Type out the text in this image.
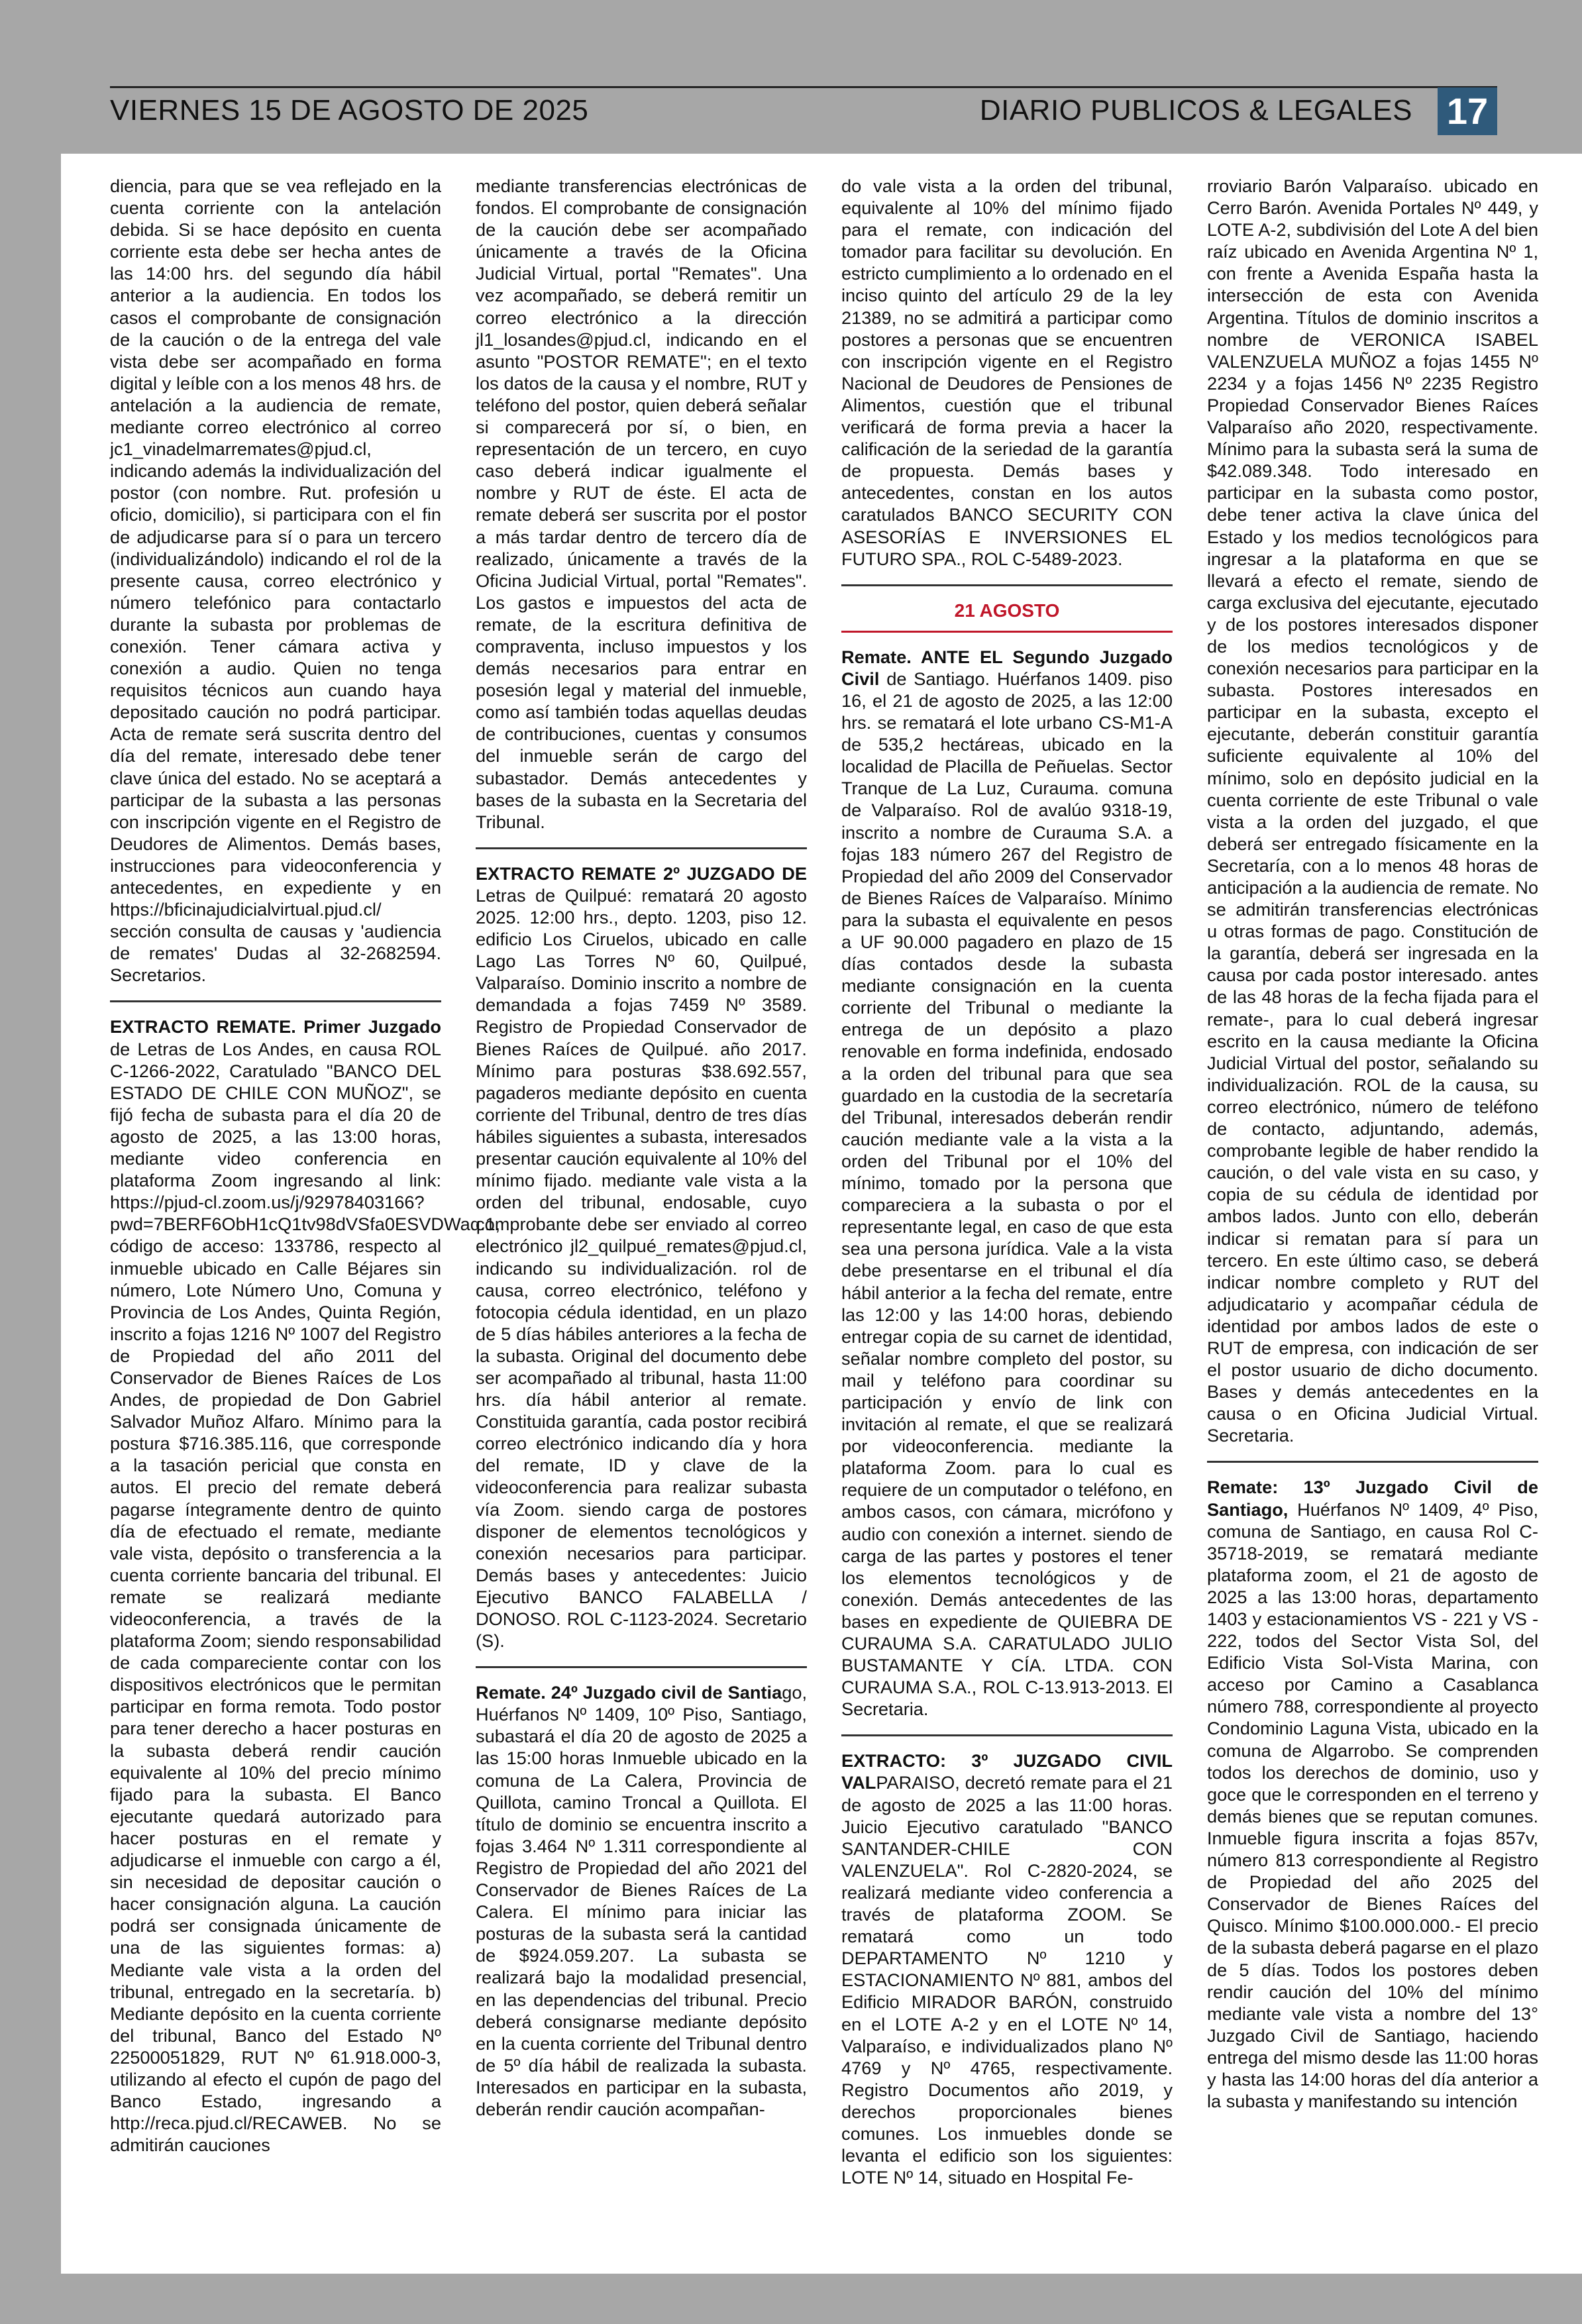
VIERNES 15 DE AGOSTO DE 2025	DIARIO PUBLICOS & LEGALES 17

diencia, para que se vea reflejado en la cuenta corriente con la antelación debida. Si se hace depósito en cuenta corriente esta debe ser hecha antes de las 14:00 hrs. del segundo día hábil anterior a la audiencia. En todos los casos el comprobante de consignación de la caución o de la entrega del vale vista debe ser acompañado en forma digital y leíble con a los menos 48 hrs. de antelación a la audiencia de remate, mediante correo electrónico al correo jc1_vinadelmarremates@pjud.cl, indicando además la individualización del postor (con nombre. Rut. profesión u oficio, domicilio), si participara con el fin de adjudicarse para sí o para un tercero (individualizándolo) indicando el rol de la presente causa, correo electrónico y número telefónico para contactarlo durante la subasta por problemas de conexión. Tener cámara activa y conexión a audio. Quien no tenga requisitos técnicos aun cuando haya depositado caución no podrá participar. Acta de remate será suscrita dentro del día del remate, interesado debe tener clave única del estado. No se aceptará a participar de la subasta a las personas con inscripción vigente en el Registro de Deudores de Alimentos. Demás bases, instrucciones para videoconferencia y antecedentes, en expediente y en https://bficinajudicialvirtual.pjud.cl/ sección consulta de causas y 'audiencia de remates' Dudas al 32-2682594. Secretarios.

EXTRACTO REMATE. Primer Juzgado de Letras de Los Andes, en causa ROL C-1266-2022, Caratulado "BANCO DEL ESTADO DE CHILE CON MUÑOZ", se fijó fecha de subasta para el día 20 de agosto de 2025, a las 13:00 horas, mediante video conferencia en plataforma Zoom ingresando al link: https://pjud-cl.zoom.us/j/92978403166?pwd=7BERF6ObH1cQ1tv98dVSfa0ESVDWaq.1, código de acceso: 133786, respecto al inmueble ubicado en Calle Béjares sin número, Lote Número Uno, Comuna y Provincia de Los Andes, Quinta Región, inscrito a fojas 1216 Nº 1007 del Registro de Propiedad del año 2011 del Conservador de Bienes Raíces de Los Andes, de propiedad de Don Gabriel Salvador Muñoz Alfaro. Mínimo para la postura $716.385.116, que corresponde a la tasación pericial que consta en autos. El precio del remate deberá pagarse íntegramente dentro de quinto día de efectuado el remate, mediante vale vista, depósito o transferencia a la cuenta corriente bancaria del tribunal. El remate se realizará mediante videoconferencia, a través de la plataforma Zoom; siendo responsabilidad de cada compareciente contar con los dispositivos electrónicos que le permitan participar en forma remota. Todo postor para tener derecho a hacer posturas en la subasta deberá rendir caución equivalente al 10% del precio mínimo fijado para la subasta. El Banco ejecutante quedará autorizado para hacer posturas en el remate y adjudicarse el inmueble con cargo a él, sin necesidad de depositar caución o hacer consignación alguna. La caución podrá ser consignada únicamente de una de las siguientes formas: a) Mediante vale vista a la orden del tribunal, entregado en la secretaría. b) Mediante depósito en la cuenta corriente del tribunal, Banco del Estado Nº 22500051829, RUT Nº 61.918.000-3, utilizando al efecto el cupón de pago del Banco Estado, ingresando a http://reca.pjud.cl/RECAWEB. No se admitirán cauciones

mediante transferencias electrónicas de fondos. El comprobante de consignación de la caución debe ser acompañado únicamente a través de la Oficina Judicial Virtual, portal "Remates". Una vez acompañado, se deberá remitir un correo electrónico a la dirección jl1_losandes@pjud.cl, indicando en el asunto "POSTOR REMATE"; en el texto los datos de la causa y el nombre, RUT y teléfono del postor, quien deberá señalar si comparecerá por sí, o bien, en representación de un tercero, en cuyo caso deberá indicar igualmente el nombre y RUT de éste. El acta de remate deberá ser suscrita por el postor a más tardar dentro de tercero día de realizado, únicamente a través de la Oficina Judicial Virtual, portal "Remates". Los gastos e impuestos del acta de remate, de la escritura definitiva de compraventa, incluso impuestos y los demás necesarios para entrar en posesión legal y material del inmueble, como así también todas aquellas deudas de contribuciones, cuentas y consumos del inmueble serán de cargo del subastador. Demás antecedentes y bases de la subasta en la Secretaria del Tribunal.

EXTRACTO REMATE 2º JUZGADO DE Letras de Quilpué: rematará 20 agosto 2025. 12:00 hrs., depto. 1203, piso 12. edificio Los Ciruelos, ubicado en calle Lago Las Torres Nº 60, Quilpué, Valparaíso. Dominio inscrito a nombre de demandada a fojas 7459 Nº 3589. Registro de Propiedad Conservador de Bienes Raíces de Quilpué. año 2017. Mínimo para posturas $38.692.557, pagaderos mediante depósito en cuenta corriente del Tribunal, dentro de tres días hábiles siguientes a subasta, interesados presentar caución equivalente al 10% del mínimo fijado. mediante vale vista a la orden del tribunal, endosable, cuyo comprobante debe ser enviado al correo electrónico jl2_quilpué_remates@pjud.cl, indicando su individualización. rol de causa, correo electrónico, teléfono y fotocopia cédula identidad, en un plazo de 5 días hábiles anteriores a la fecha de la subasta. Original del documento debe ser acompañado al tribunal, hasta 11:00 hrs. día hábil anterior al remate. Constituida garantía, cada postor recibirá correo electrónico indicando día y hora del remate, ID y clave de la videoconferencia para realizar subasta vía Zoom. siendo carga de postores disponer de elementos tecnológicos y conexión necesarios para participar. Demás bases y antecedentes: Juicio Ejecutivo BANCO FALABELLA / DONOSO. ROL C-1123-2024. Secretario (S).

Remate. 24º Juzgado civil de Santiago, Huérfanos Nº 1409, 10º Piso, Santiago, subastará el día 20 de agosto de 2025 a las 15:00 horas Inmueble ubicado en la comuna de La Calera, Provincia de Quillota, camino Troncal a Quillota. El título de dominio se encuentra inscrito a fojas 3.464 Nº 1.311 correspondiente al Registro de Propiedad del año 2021 del Conservador de Bienes Raíces de La Calera. El mínimo para iniciar las posturas de la subasta será la cantidad de $924.059.207. La subasta se realizará bajo la modalidad presencial, en las dependencias del tribunal. Precio deberá consignarse mediante depósito en la cuenta corriente del Tribunal dentro de 5º día hábil de realizada la subasta. Interesados en participar en la subasta, deberán rendir caución acompañan-

do vale vista a la orden del tribunal, equivalente al 10% del mínimo fijado para el remate, con indicación del tomador para facilitar su devolución. En estricto cumplimiento a lo ordenado en el inciso quinto del artículo 29 de la ley 21389, no se admitirá a participar como postores a personas que se encuentren con inscripción vigente en el Registro Nacional de Deudores de Pensiones de Alimentos, cuestión que el tribunal verificará de forma previa a hacer la calificación de la seriedad de la garantía de propuesta. Demás bases y antecedentes, constan en los autos caratulados BANCO SECURITY CON ASESORÍAS E INVERSIONES EL FUTURO SPA., ROL C-5489-2023.

21 AGOSTO

Remate. ANTE EL Segundo Juzgado Civil de Santiago. Huérfanos 1409. piso 16, el 21 de agosto de 2025, a las 12:00 hrs. se rematará el lote urbano CS-M1-A de 535,2 hectáreas, ubicado en la localidad de Placilla de Peñuelas. Sector Tranque de La Luz, Curauma. comuna de Valparaíso. Rol de avalúo 9318-19, inscrito a nombre de Curauma S.A. a fojas 183 número 267 del Registro de Propiedad del año 2009 del Conservador de Bienes Raíces de Valparaíso. Mínimo para la subasta el equivalente en pesos a UF 90.000 pagadero en plazo de 15 días contados desde la subasta mediante consignación en la cuenta corriente del Tribunal o mediante la entrega de un depósito a plazo renovable en forma indefinida, endosado a la orden del tribunal para que sea guardado en la custodia de la secretaría del Tribunal, interesados deberán rendir caución mediante vale a la vista a la orden del Tribunal por el 10% del mínimo, tomado por la persona que compareciera a la subasta o por el representante legal, en caso de que esta sea una persona jurídica. Vale a la vista debe presentarse en el tribunal el día hábil anterior a la fecha del remate, entre las 12:00 y las 14:00 horas, debiendo entregar copia de su carnet de identidad, señalar nombre completo del postor, su mail y teléfono para coordinar su participación y envío de link con invitación al remate, el que se realizará por videoconferencia. mediante la plataforma Zoom. para lo cual es requiere de un computador o teléfono, en ambos casos, con cámara, micrófono y audio con conexión a internet. siendo de carga de las partes y postores el tener los elementos tecnológicos y de conexión. Demás antecedentes de las bases en expediente de QUIEBRA DE CURAUMA S.A. CARATULADO JULIO BUSTAMANTE Y CÍA. LTDA. CON CURAUMA S.A., ROL C-13.913-2013. El Secretaria.

EXTRACTO: 3º JUZGADO CIVIL VALPARAISO, decretó remate para el 21 de agosto de 2025 a las 11:00 horas. Juicio Ejecutivo caratulado "BANCO SANTANDER-CHILE CON VALENZUELA". Rol C-2820-2024, se realizará mediante video conferencia a través de plataforma ZOOM. Se rematará como un todo DEPARTAMENTO Nº 1210 y ESTACIONAMIENTO Nº 881, ambos del Edificio MIRADOR BARÓN, construido en el LOTE A-2 y en el LOTE Nº 14, Valparaíso, e individualizados plano Nº 4769 y Nº 4765, respectivamente. Registro Documentos año 2019, y derechos proporcionales bienes comunes. Los inmuebles donde se levanta el edificio son los siguientes: LOTE Nº 14, situado en Hospital Fe-

rroviario Barón Valparaíso. ubicado en Cerro Barón. Avenida Portales Nº 449, y LOTE A-2, subdivisión del Lote A del bien raíz ubicado en Avenida Argentina Nº 1, con frente a Avenida España hasta la intersección de esta con Avenida Argentina. Títulos de dominio inscritos a nombre de VERONICA ISABEL VALENZUELA MUÑOZ a fojas 1455 Nº 2234 y a fojas 1456 Nº 2235 Registro Propiedad Conservador Bienes Raíces Valparaíso año 2020, respectivamente. Mínimo para la subasta será la suma de $42.089.348. Todo interesado en participar en la subasta como postor, debe tener activa la clave única del Estado y los medios tecnológicos para ingresar a la plataforma en que se llevará a efecto el remate, siendo de carga exclusiva del ejecutante, ejecutado y de los postores interesados disponer de los medios tecnológicos y de conexión necesarios para participar en la subasta. Postores interesados en participar en la subasta, excepto el ejecutante, deberán constituir garantía suficiente equivalente al 10% del mínimo, solo en depósito judicial en la cuenta corriente de este Tribunal o vale vista a la orden del juzgado, el que deberá ser entregado físicamente en la Secretaría, con a lo menos 48 horas de anticipación a la audiencia de remate. No se admitirán transferencias electrónicas u otras formas de pago. Constitución de la garantía, deberá ser ingresada en la causa por cada postor interesado. antes de las 48 horas de la fecha fijada para el remate-, para lo cual deberá ingresar escrito en la causa mediante la Oficina Judicial Virtual del postor, señalando su individualización. ROL de la causa, su correo electrónico, número de teléfono de contacto, adjuntando, además, comprobante legible de haber rendido la caución, o del vale vista en su caso, y copia de su cédula de identidad por ambos lados. Junto con ello, deberán indicar si rematan para sí para un tercero. En este último caso, se deberá indicar nombre completo y RUT del adjudicatario y acompañar cédula de identidad por ambos lados de este o RUT de empresa, con indicación de ser el postor usuario de dicho documento. Bases y demás antecedentes en la causa o en Oficina Judicial Virtual. Secretaria.

Remate: 13º Juzgado Civil de Santiago, Huérfanos Nº 1409, 4º Piso, comuna de Santiago, en causa Rol C-35718-2019, se rematará mediante plataforma zoom, el 21 de agosto de 2025 a las 13:00 horas, departamento 1403 y estacionamientos VS - 221 y VS - 222, todos del Sector Vista Sol, del Edificio Vista Sol-Vista Marina, con acceso por Camino a Casablanca número 788, correspondiente al proyecto Condominio Laguna Vista, ubicado en la comuna de Algarrobo. Se comprenden todos los derechos de dominio, uso y goce que le corresponden en el terreno y demás bienes que se reputan comunes. Inmueble figura inscrita a fojas 857v, número 813 correspondiente al Registro de Propiedad del año 2025 del Conservador de Bienes Raíces del Quisco. Mínimo $100.000.000.- El precio de la subasta deberá pagarse en el plazo de 5 días. Todos los postores deben rendir caución del 10% del mínimo mediante vale vista a nombre del 13° Juzgado Civil de Santiago, haciendo entrega del mismo desde las 11:00 horas y hasta las 14:00 horas del día anterior a la subasta y manifestando su intención
